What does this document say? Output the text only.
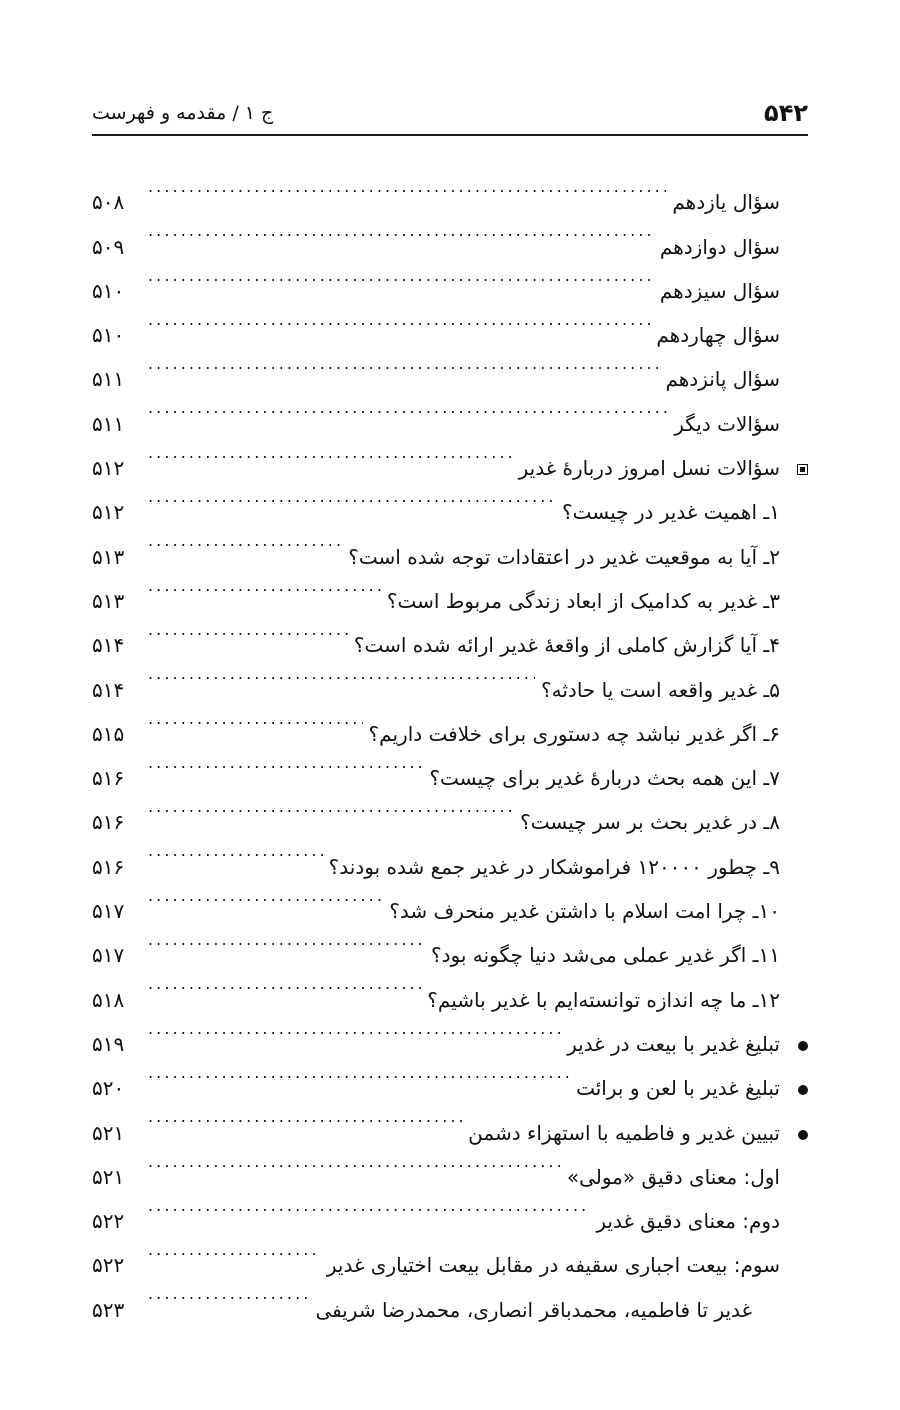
۵۴۲
ج ۱ / مقدمه و فهرست
سؤال یازدهم
. . .
۵۰۸
سؤال دوازدهم
. . .
۵۰۹
سؤال سیزدهم
. . .
۵۱۰
سؤال چهاردهم
. . .
۵۱۰
سؤال پانزدهم
. . .
۵۱۱
سؤالات دیگر
. . .
۵۱۱
سؤالات نسل امروز دربارهٔ غدیر
. . .
۵۱۲
۱ـ اهمیت غدیر در چیست؟
. . .
۵۱۲
۲ـ آیا به موقعیت غدیر در اعتقادات توجه شده است؟
. . .
۵۱۳
۳ـ غدیر به کدامیک از ابعاد زندگی مربوط است؟
. . .
۵۱۳
۴ـ آیا گزارش کاملی از واقعهٔ غدیر ارائه شده است؟
. . .
۵۱۴
۵ـ غدیر واقعه است یا حادثه؟
. . .
۵۱۴
۶ـ اگر غدیر نباشد چه دستوری برای خلافت داریم؟
. . .
۵۱۵
۷ـ این همه بحث دربارهٔ غدیر برای چیست؟
. . .
۵۱۶
۸ـ در غدیر بحث بر سر چیست؟
. . .
۵۱۶
۹ـ چطور ۱۲۰۰۰۰ فراموشکار در غدیر جمع شده بودند؟
. . .
۵۱۶
۱۰ـ چرا امت اسلام با داشتن غدیر منحرف شد؟
. . .
۵۱۷
۱۱ـ اگر غدیر عملی می‌شد دنیا چگونه بود؟
. . .
۵۱۷
۱۲ـ ما چه اندازه توانسته‌ایم با غدیر باشیم؟
. . .
۵۱۸
تبلیغ غدیر با بیعت در غدیر
. . .
۵۱۹
تبلیغ غدیر با لعن و برائت
. . .
۵۲۰
تبیین غدیر و فاطمیه با استهزاء دشمن
. . .
۵۲۱
اول: معنای دقیق «مولی»
. . .
۵۲۱
دوم: معنای دقیق غدیر
. . .
۵۲۲
سوم: بیعت اجباری سقیفه در مقابل بیعت اختیاری غدیر
. . .
۵۲۲
غدیر تا فاطمیه، محمدباقر انصاری، محمدرضا شریفی
. . .
۵۲۳
